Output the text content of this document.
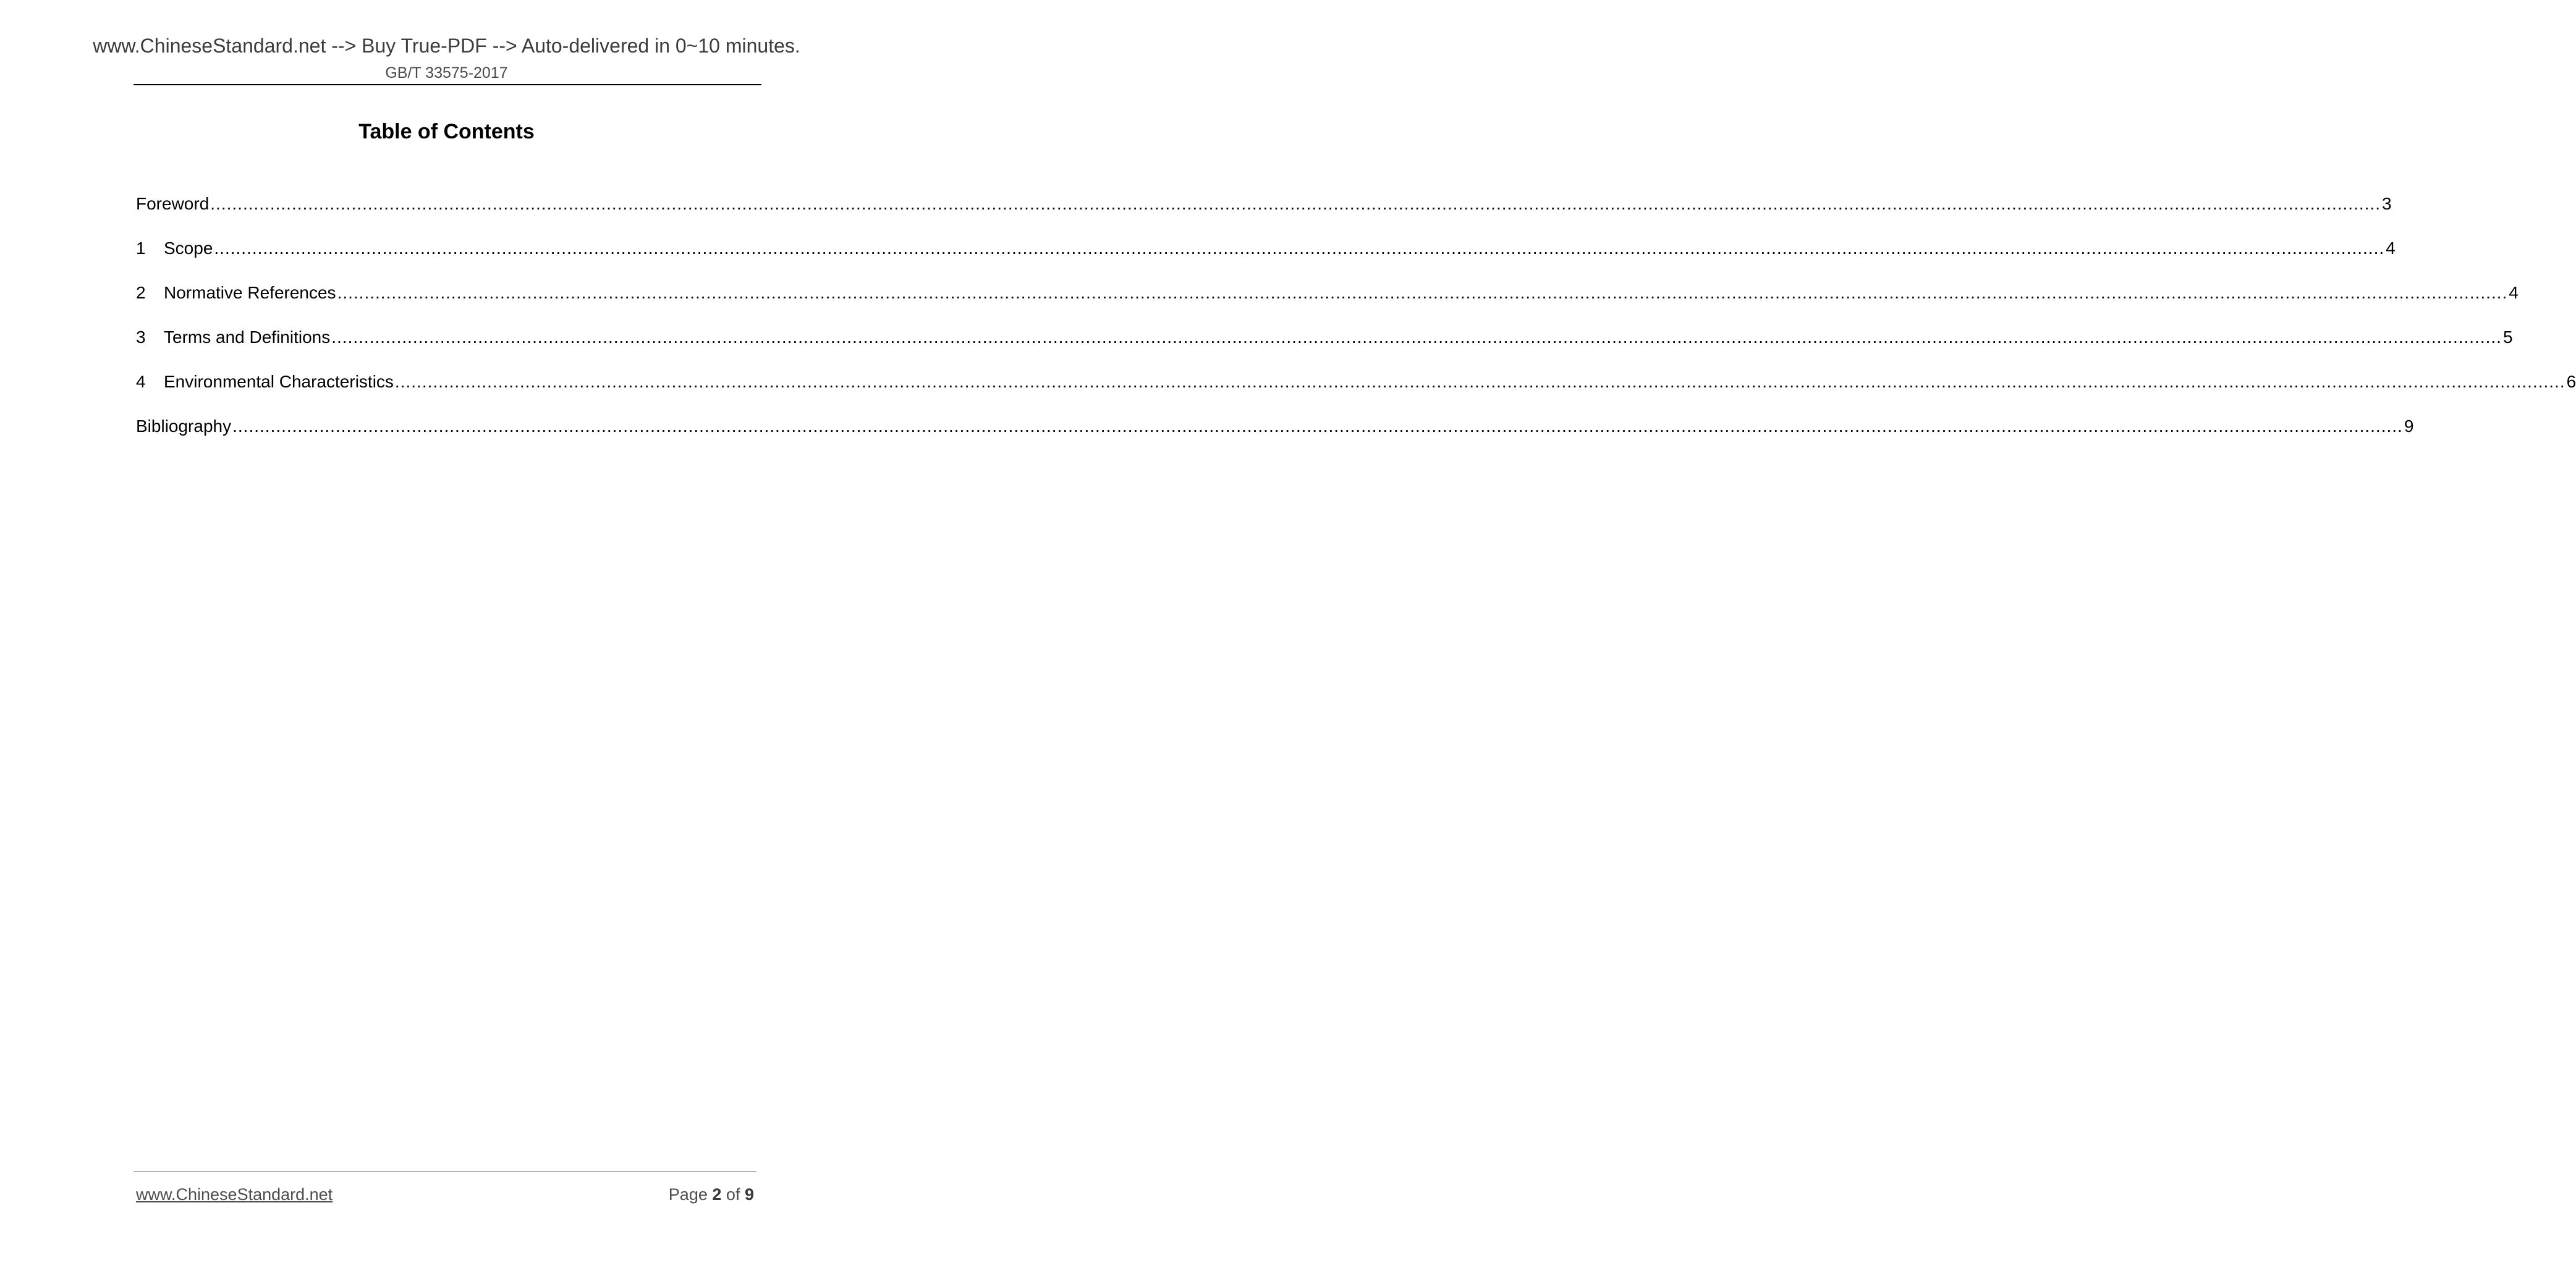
www.ChineseStandard.net --> Buy True-PDF --> Auto-delivered in 0~10 minutes.
GB/T 33575-2017
Table of Contents
Foreword ................................................................................................................................................................................................................................................................................................................................................................................................................ 3
1	Scope ................................................................................................................................................................................................................................................................................................................................................................................................................ 4
2	Normative References ................................................................................................................................................................................................................................................................................................................................................................................................................ 4
3	Terms and Definitions ................................................................................................................................................................................................................................................................................................................................................................................................................ 5
4	Environmental Characteristics ................................................................................................................................................................................................................................................................................................................................................................................................................ 6
Bibliography ................................................................................................................................................................................................................................................................................................................................................................................................................ 9
www.ChineseStandard.net	Page 2 of 9
